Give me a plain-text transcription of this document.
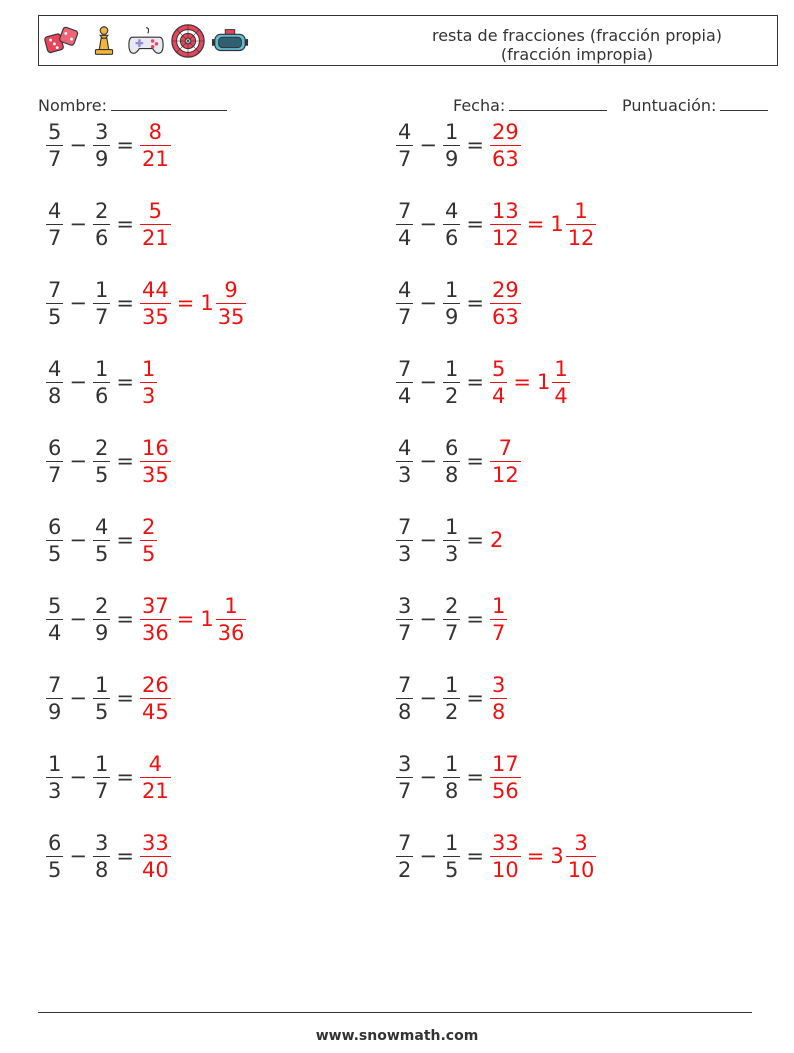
resta de fracciones (fracción propia)
(fracción impropia)
Nombre:	Fecha:	Puntuación:
$\frac{5}{7} - \frac{3}{9} = \frac{8}{21}$	$\frac{4}{7} - \frac{1}{9} = \frac{29}{63}$
$\frac{4}{7} - \frac{2}{6} = \frac{5}{21}$	$\frac{7}{4} - \frac{4}{6} = \frac{13}{12} = 1 \frac{1}{12}$
$\frac{7}{5} - \frac{1}{7} = \frac{44}{35} = 1 \frac{9}{35}$	$\frac{4}{7} - \frac{1}{9} = \frac{29}{63}$
$\frac{4}{8} - \frac{1}{6} = \frac{1}{3}$	$\frac{7}{4} - \frac{1}{2} = \frac{5}{4} = 1 \frac{1}{4}$
$\frac{6}{7} - \frac{2}{5} = \frac{16}{35}$	$\frac{4}{3} - \frac{6}{8} = \frac{7}{12}$
$\frac{6}{5} - \frac{4}{5} = \frac{2}{5}$	$\frac{7}{3} - \frac{1}{3} = 2$
$\frac{5}{4} - \frac{2}{9} = \frac{37}{36} = 1 \frac{1}{36}$	$\frac{3}{7} - \frac{2}{7} = \frac{1}{7}$
$\frac{7}{9} - \frac{1}{5} = \frac{26}{45}$	$\frac{7}{8} - \frac{1}{2} = \frac{3}{8}$
$\frac{1}{3} - \frac{1}{7} = \frac{4}{21}$	$\frac{3}{7} - \frac{1}{8} = \frac{17}{56}$
$\frac{6}{5} - \frac{3}{8} = \frac{33}{40}$	$\frac{7}{2} - \frac{1}{5} = \frac{33}{10} = 3 \frac{3}{10}$
www.snowmath.com
